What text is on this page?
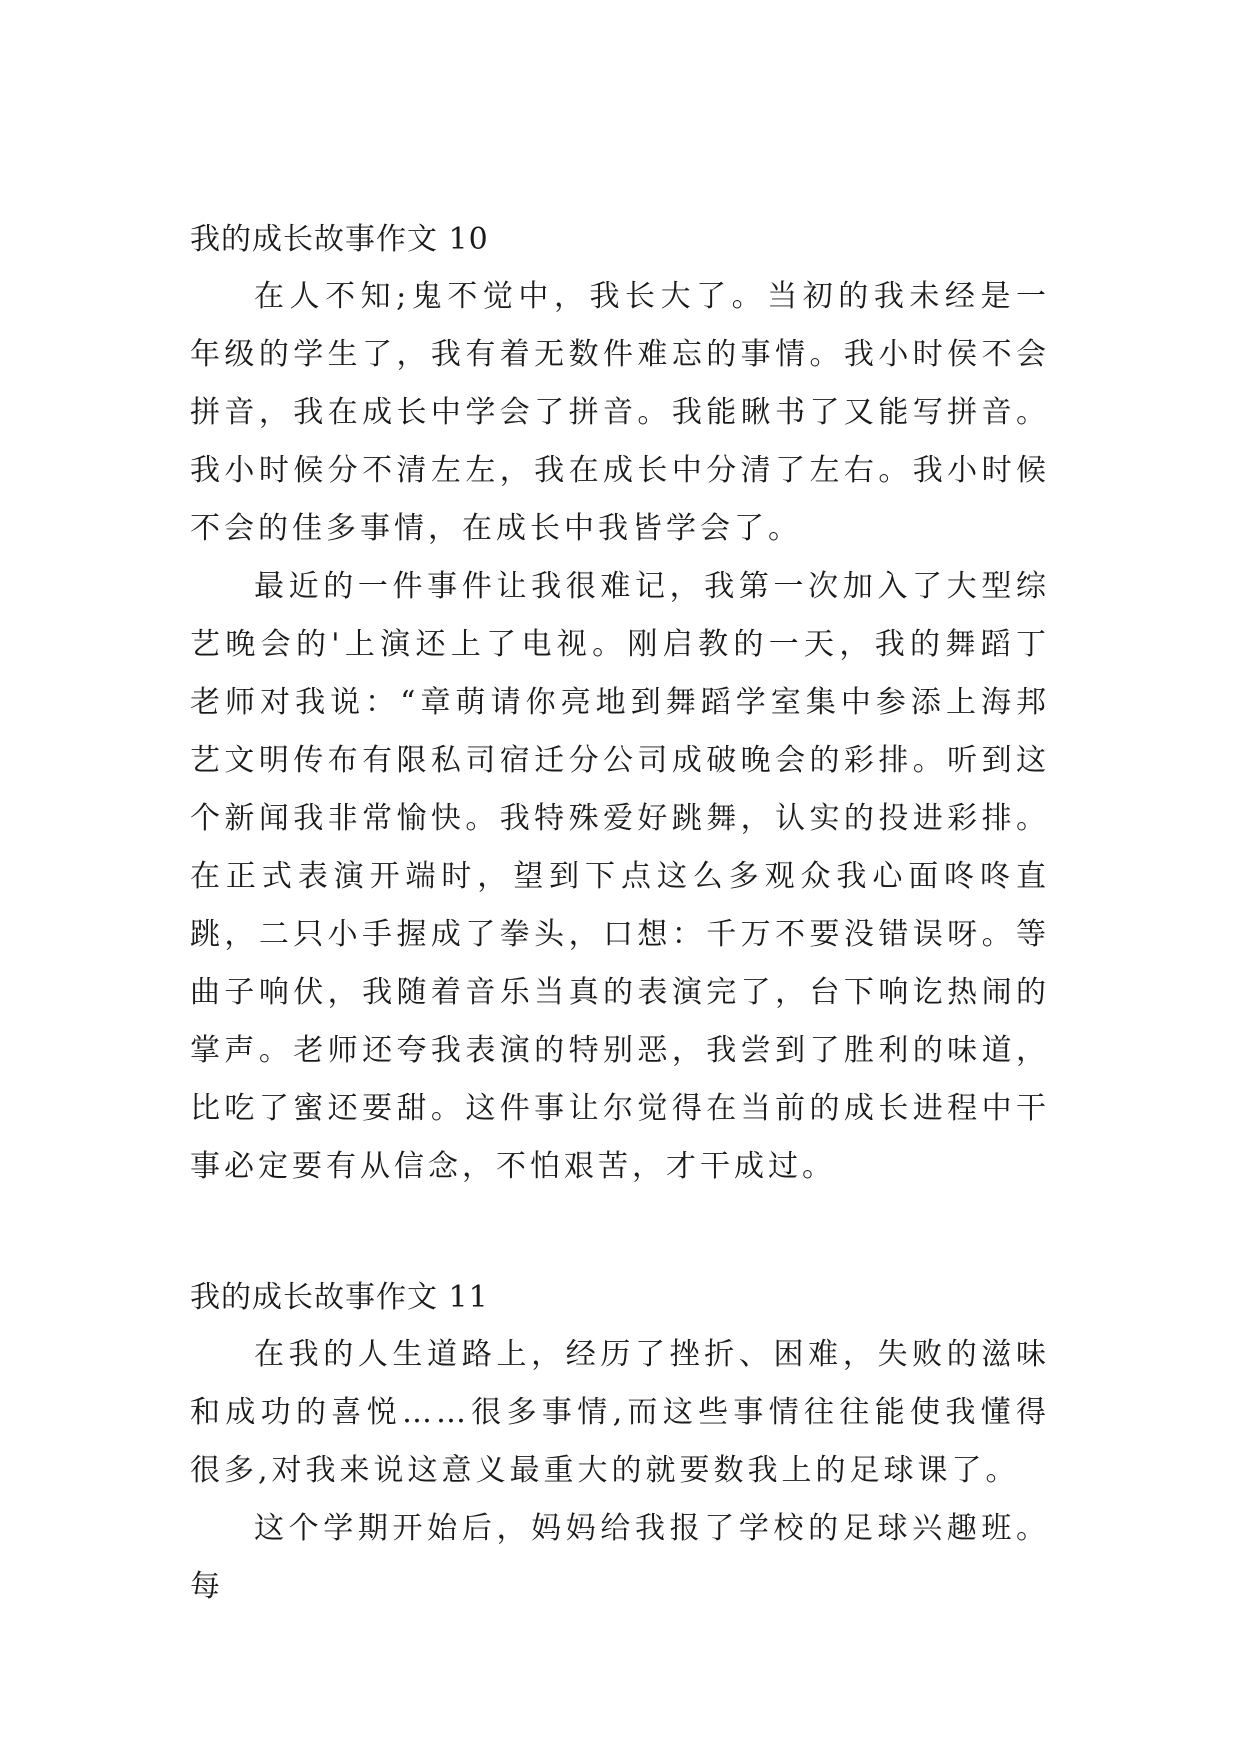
我的成长故事作文 10

在人不知;鬼不觉中，我长大了。当初的我未经是一年级的学生了，我有着无数件难忘的事情。我小时侯不会拼音，我在成长中学会了拼音。我能瞅书了又能写拼音。我小时候分不清左左，我在成长中分清了左右。我小时候不会的佳多事情，在成长中我皆学会了。

最近的一件事件让我很难记，我第一次加入了大型综艺晚会的'上演还上了电视。刚启教的一天，我的舞蹈丁老师对我说：“章萌请你亮地到舞蹈学室集中参添上海邦艺文明传布有限私司宿迁分公司成破晚会的彩排。听到这个新闻我非常愉快。我特殊爱好跳舞，认实的投进彩排。在正式表演开端时，望到下点这么多观众我心面咚咚直跳，二只小手握成了拳头，口想：千万不要没错误呀。等曲子响伏，我随着音乐当真的表演完了，台下响讫热闹的掌声。老师还夸我表演的特别恶，我尝到了胜利的味道，比吃了蜜还要甜。这件事让尔觉得在当前的成长进程中干事必定要有从信念，不怕艰苦，才干成过。

我的成长故事作文 11

在我的人生道路上，经历了挫折、困难，失败的滋味和成功的喜悦……很多事情,而这些事情往往能使我懂得很多,对我来说这意义最重大的就要数我上的足球课了。

这个学期开始后，妈妈给我报了学校的足球兴趣班。每
